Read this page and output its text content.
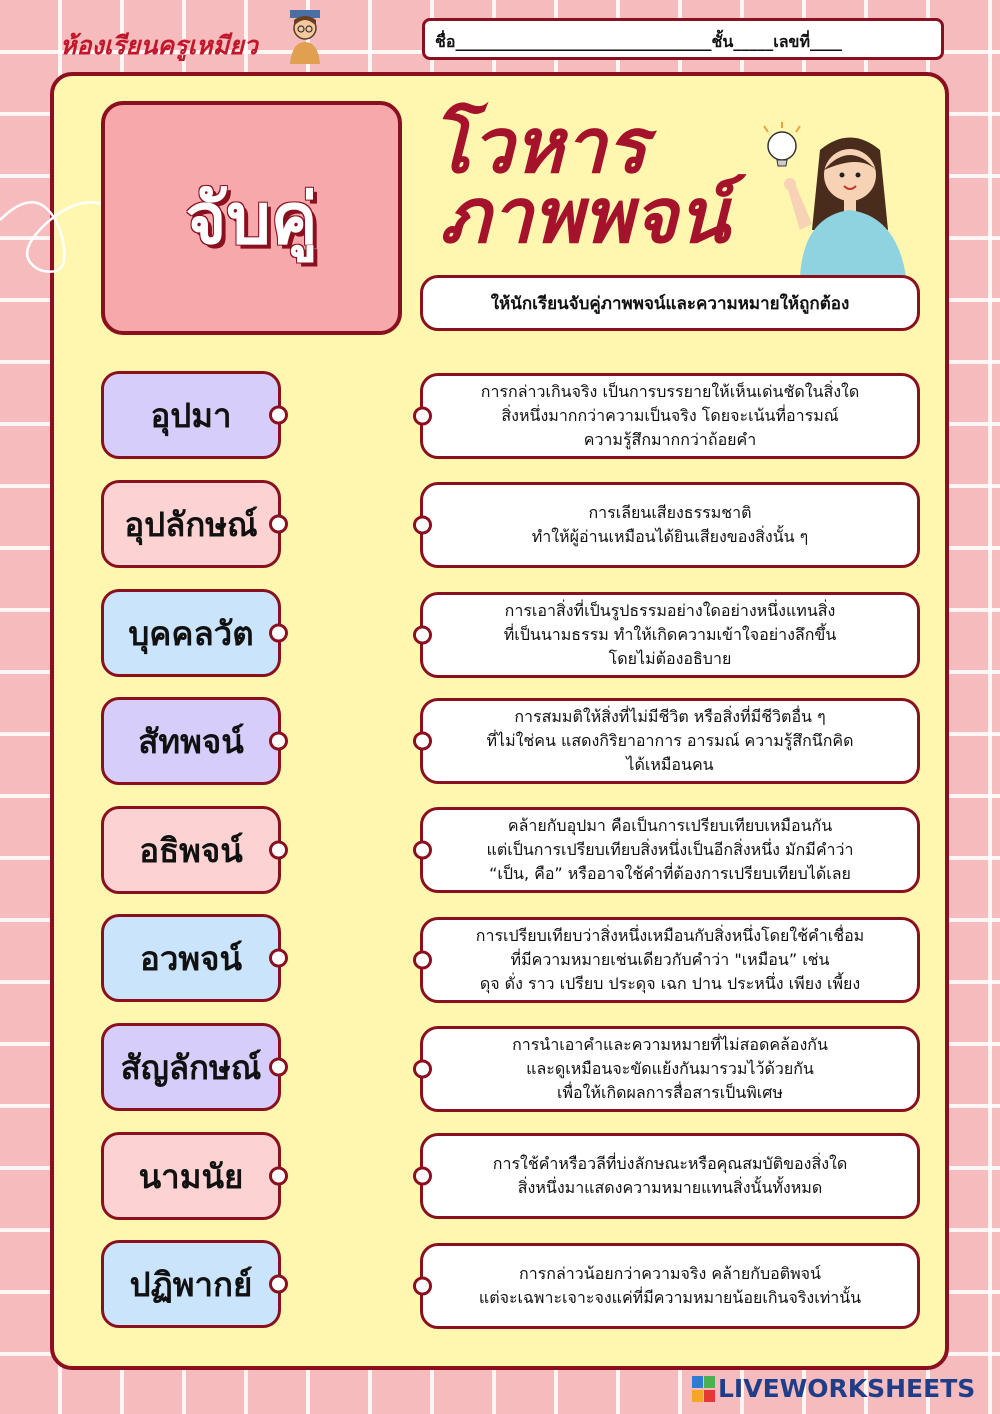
ห้องเรียนครูเหมียว	ชื่อ________________________________ชั้น_____เลขที่____
จับคู่
โวหาร
ภาพพจน์
ให้นักเรียนจับคู่ภาพพจน์และความหมายให้ถูกต้อง
อุปมา
อุปลักษณ์
บุคคลวัต
สัทพจน์
อธิพจน์
อวพจน์
สัญลักษณ์
นามนัย
ปฏิพากย์
การกล่าวเกินจริง เป็นการบรรยายให้เห็นเด่นชัดในสิ่งใด
สิ่งหนึ่งมากกว่าความเป็นจริง โดยจะเน้นที่อารมณ์
ความรู้สึกมากกว่าถ้อยคำ
การเลียนเสียงธรรมชาติ
ทำให้ผู้อ่านเหมือนได้ยินเสียงของสิ่งนั้น ๆ
การเอาสิ่งที่เป็นรูปธรรมอย่างใดอย่างหนึ่งแทนสิ่ง
ที่เป็นนามธรรม ทำให้เกิดความเข้าใจอย่างลึกขึ้น
โดยไม่ต้องอธิบาย
การสมมติให้สิ่งที่ไม่มีชีวิต หรือสิ่งที่มีชีวิตอื่น ๆ
ที่ไม่ใช่คน แสดงกิริยาอาการ อารมณ์ ความรู้สึกนึกคิด
ได้เหมือนคน
คล้ายกับอุปมา คือเป็นการเปรียบเทียบเหมือนกัน
แต่เป็นการเปรียบเทียบสิ่งหนึ่งเป็นอีกสิ่งหนึ่ง มักมีคำว่า
“เป็น, คือ” หรืออาจใช้คำที่ต้องการเปรียบเทียบได้เลย
การเปรียบเทียบว่าสิ่งหนึ่งเหมือนกับสิ่งหนึ่งโดยใช้คำเชื่อม
ที่มีความหมายเช่นเดียวกับคำว่า "เหมือน” เช่น
ดุจ ดั่ง ราว เปรียบ ประดุจ เฉก ปาน ประหนึ่ง เพียง เพี้ยง
การนำเอาคำและความหมายที่ไม่สอดคล้องกัน
และดูเหมือนจะขัดแย้งกันมารวมไว้ด้วยกัน
เพื่อให้เกิดผลการสื่อสารเป็นพิเศษ
การใช้คำหรือวลีที่บ่งลักษณะหรือคุณสมบัติของสิ่งใด
สิ่งหนึ่งมาแสดงความหมายแทนสิ่งนั้นทั้งหมด
การกล่าวน้อยกว่าความจริง คล้ายกับอติพจน์
แต่จะเฉพาะเจาะจงแค่ที่มีความหมายน้อยเกินจริงเท่านั้น
LIVEWORKSHEETS
